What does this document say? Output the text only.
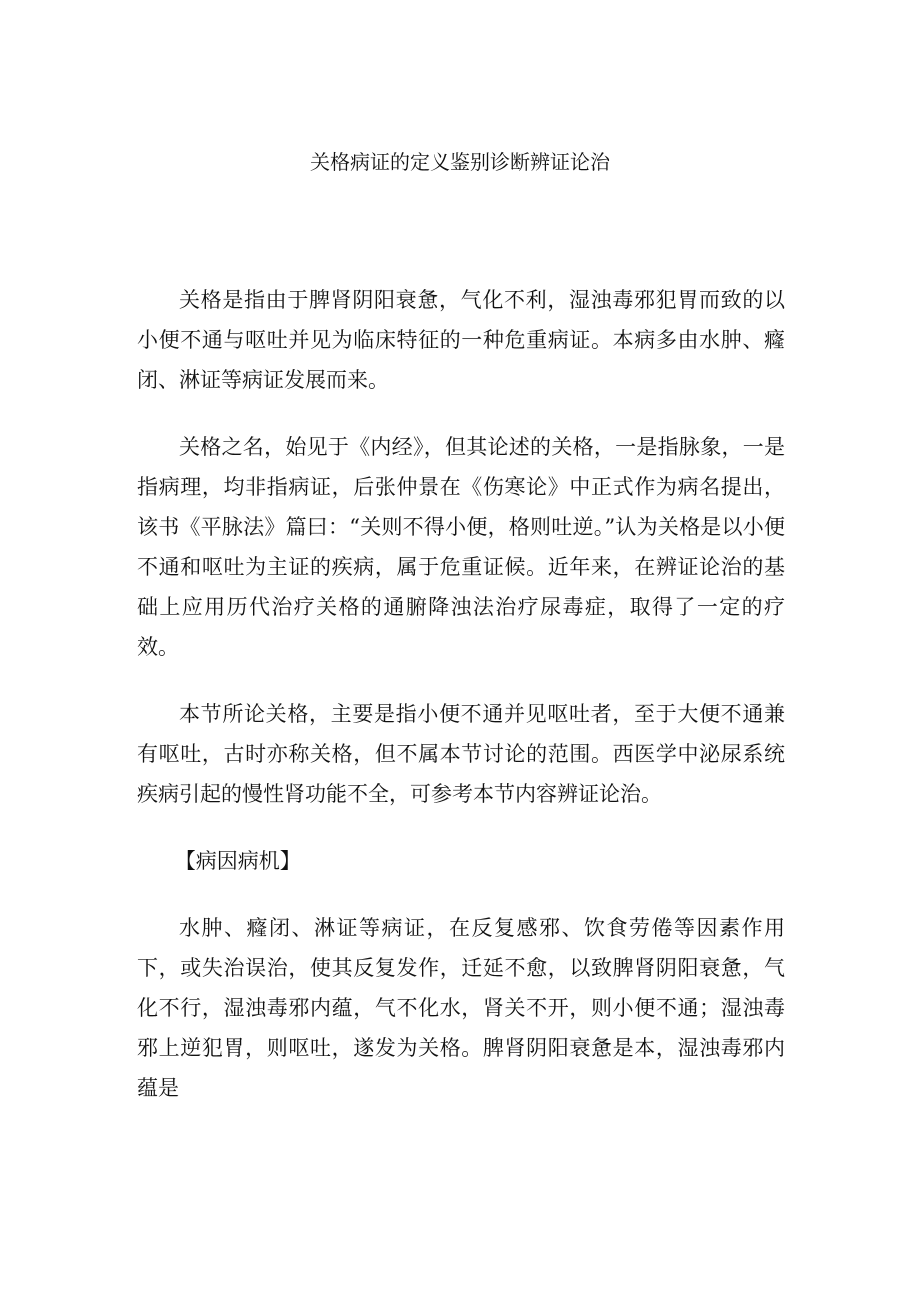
关格病证的定义鉴别诊断辨证论治

关格是指由于脾肾阴阳衰惫，气化不利，湿浊毒邪犯胃而致的以小便不通与呕吐并见为临床特征的一种危重病证。本病多由水肿、癃闭、淋证等病证发展而来。

关格之名，始见于《内经》，但其论述的关格，一是指脉象，一是指病理，均非指病证，后张仲景在《伤寒论》中正式作为病名提出，该书《平脉法》篇曰：“关则不得小便，格则吐逆。”认为关格是以小便不通和呕吐为主证的疾病，属于危重证候。近年来，在辨证论治的基础上应用历代治疗关格的通腑降浊法治疗尿毒症，取得了一定的疗效。

本节所论关格，主要是指小便不通并见呕吐者，至于大便不通兼有呕吐，古时亦称关格，但不属本节讨论的范围。西医学中泌尿系统疾病引起的慢性肾功能不全，可参考本节内容辨证论治。

【病因病机】

水肿、癃闭、淋证等病证，在反复感邪、饮食劳倦等因素作用下，或失治误治，使其反复发作，迁延不愈，以致脾肾阴阳衰惫，气化不行，湿浊毒邪内蕴，气不化水，肾关不开，则小便不通；湿浊毒邪上逆犯胃，则呕吐，遂发为关格。脾肾阴阳衰惫是本，湿浊毒邪内蕴是
